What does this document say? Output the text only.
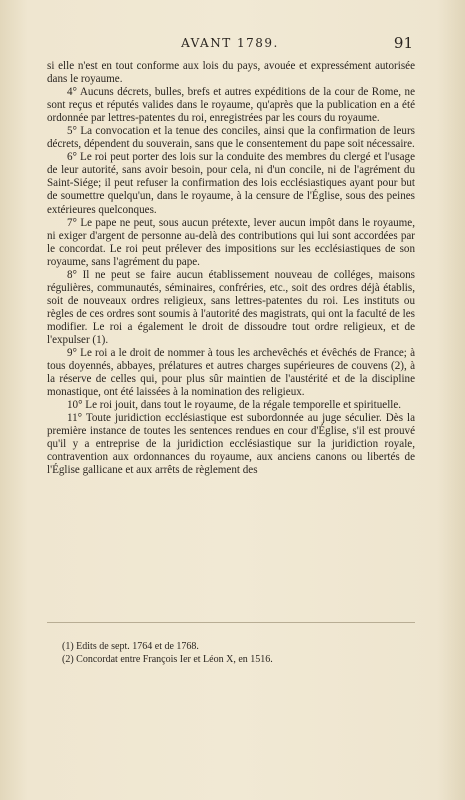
AVANT 1789.	91

si elle n'est en tout conforme aux lois du pays, avouée et expressément autorisée dans le royaume.

4° Aucuns décrets, bulles, brefs et autres expéditions de la cour de Rome, ne sont reçus et réputés valides dans le royaume, qu'après que la publication en a été ordonnée par lettres-patentes du roi, enregistrées par les cours du royaume.

5° La convocation et la tenue des conciles, ainsi que la confirmation de leurs décrets, dépendent du souverain, sans que le consentement du pape soit nécessaire.

6° Le roi peut porter des lois sur la conduite des membres du clergé et l'usage de leur autorité, sans avoir besoin, pour cela, ni d'un concile, ni de l'agrément du Saint-Siége; il peut refuser la confirmation des lois ecclésiastiques ayant pour but de soumettre quelqu'un, dans le royaume, à la censure de l'Église, sous des peines extérieures quelconques.

7° Le pape ne peut, sous aucun prétexte, lever aucun impôt dans le royaume, ni exiger d'argent de personne au-delà des contributions qui lui sont accordées par le concordat. Le roi peut prélever des impositions sur les ecclésiastiques de son royaume, sans l'agrément du pape.

8° Il ne peut se faire aucun établissement nouveau de colléges, maisons régulières, communautés, séminaires, confréries, etc., soit des ordres déjà établis, soit de nouveaux ordres religieux, sans lettres-patentes du roi. Les instituts ou règles de ces ordres sont soumis à l'autorité des magistrats, qui ont la faculté de les modifier. Le roi a également le droit de dissoudre tout ordre religieux, et de l'expulser (1).

9° Le roi a le droit de nommer à tous les archevêchés et évêchés de France; à tous doyennés, abbayes, prélatures et autres charges supérieures de couvens (2), à la réserve de celles qui, pour plus sûr maintien de l'austérité et de la discipline monastique, ont été laissées à la nomination des religieux.

10° Le roi jouit, dans tout le royaume, de la régale temporelle et spirituelle.

11° Toute juridiction ecclésiastique est subordonnée au juge séculier. Dès la première instance de toutes les sentences rendues en cour d'Église, s'il est prouvé qu'il y a entreprise de la juridiction ecclésiastique sur la juridiction royale, contravention aux ordonnances du royaume, aux anciens canons ou libertés de l'Église gallicane et aux arrêts de règlement des

(1) Edits de sept. 1764 et de 1768.
(2) Concordat entre François Ier et Léon X, en 1516.
